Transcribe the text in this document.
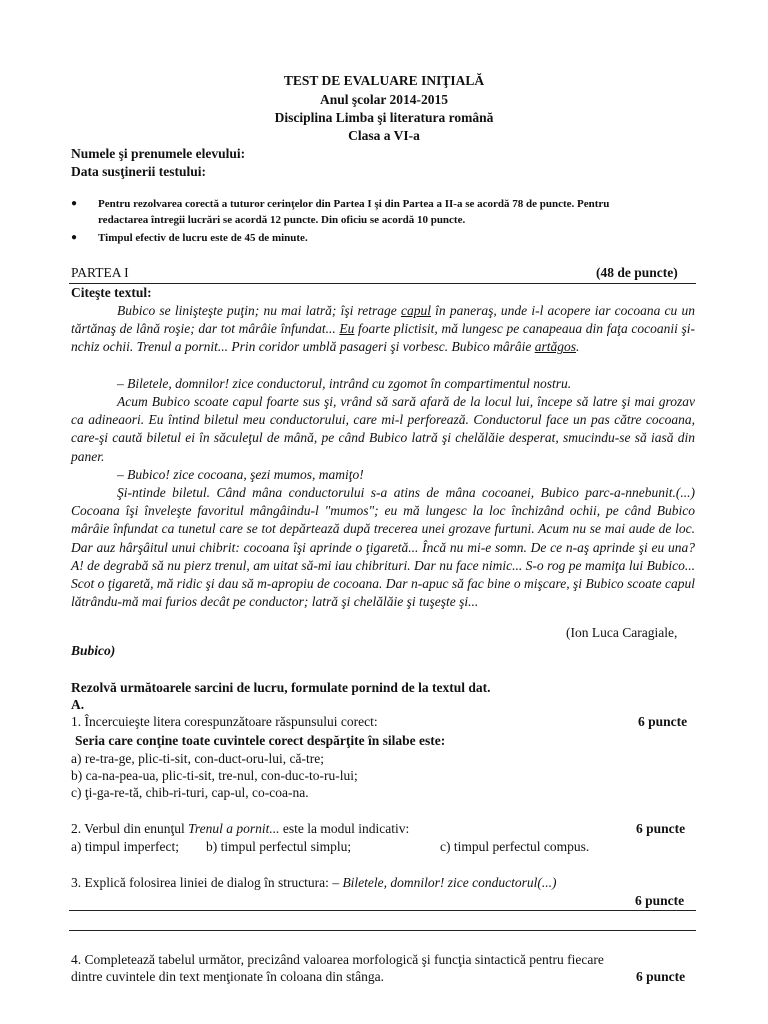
TEST DE EVALUARE INIŢIALĂ
Anul şcolar 2014-2015
Disciplina Limba şi literatura română
Clasa a VI-a
Numele şi prenumele elevului:
Data susţinerii testului:
● Pentru rezolvarea corectă a tuturor cerinţelor din Partea I şi din Partea a II-a se acordă 78 de puncte. Pentru
redactarea întregii lucrări se acordă 12 puncte. Din oficiu se acordă 10 puncte.
● Timpul efectiv de lucru este de 45 de minute.
PARTEA I	(48 de puncte)
Citeşte textul:
Bubico se linişteşte puţin; nu mai latră; îşi retrage capul în paneraş, unde i-l acopere iar cocoana cu un tărtănaş de lână roşie; dar tot mârâie înfundat... Eu foarte plictisit, mă lungesc pe canapeaua din faţa cocoanii şi-nchiz ochii. Trenul a pornit... Prin coridor umblă pasageri şi vorbesc. Bubico mârâie artăgos.
– Biletele, domnilor! zice conductorul, intrând cu zgomot în compartimentul nostru.
Acum Bubico scoate capul foarte sus şi, vrând să sară afară de la locul lui, începe să latre şi mai grozav ca adineaori. Eu întind biletul meu conductorului, care mi-l perforează. Conductorul face un pas către cocoana, care-şi caută biletul ei în săculeţul de mână, pe când Bubico latră şi chelălăie desperat, smucindu-se să iasă din paner.
– Bubico! zice cocoana, şezi mumos, mamiţo!
Şi-ntinde biletul. Când mâna conductorului s-a atins de mâna cocoanei, Bubico parc-a-nnebunit.(...) Cocoana îşi înveleşte favoritul mângâindu-l "mumos"; eu mă lungesc la loc închizând ochii, pe când Bubico mârâie înfundat ca tunetul care se tot depărtează după trecerea unei grozave furtuni. Acum nu se mai aude de loc. Dar auz hârşâitul unui chibrit: cocoana îşi aprinde o ţigaretă... Încă nu mi-e somn. De ce n-aş aprinde şi eu una? A! de degrabă să nu pierz trenul, am uitat să-mi iau chibrituri. Dar nu face nimic... S-o rog pe mamiţa lui Bubico... Scot o ţigaretă, mă ridic şi dau să m-apropiu de cocoana. Dar n-apuc să fac bine o mişcare, şi Bubico scoate capul lătrându-mă mai furios decât pe conductor; latră şi chelălăie şi tuşeşte şi...
(Ion Luca Caragiale,
Bubico)
Rezolvă următoarele sarcini de lucru, formulate pornind de la textul dat.
A.
1. Încercuieşte litera corespunzătoare răspunsului corect:	6 puncte
Seria care conţine toate cuvintele corect despărţite în silabe este:
a) re-tra-ge, plic-ti-sit, con-duct-oru-lui, că-tre;
b) ca-na-pea-ua, plic-ti-sit, tre-nul, con-duc-to-ru-lui;
c) ţi-ga-re-tă, chib-ri-turi, cap-ul, co-coa-na.
2. Verbul din enunţul Trenul a pornit... este la modul indicativ:	6 puncte
a) timpul imperfect; b) timpul perfectul simplu;	c) timpul perfectul compus.
3. Explică folosirea liniei de dialog în structura: – Biletele, domnilor! zice conductorul(...)
6 puncte
4. Completează tabelul următor, precizând valoarea morfologică şi funcţia sintactică pentru fiecare
dintre cuvintele din text menţionate în coloana din stânga.	6 puncte
